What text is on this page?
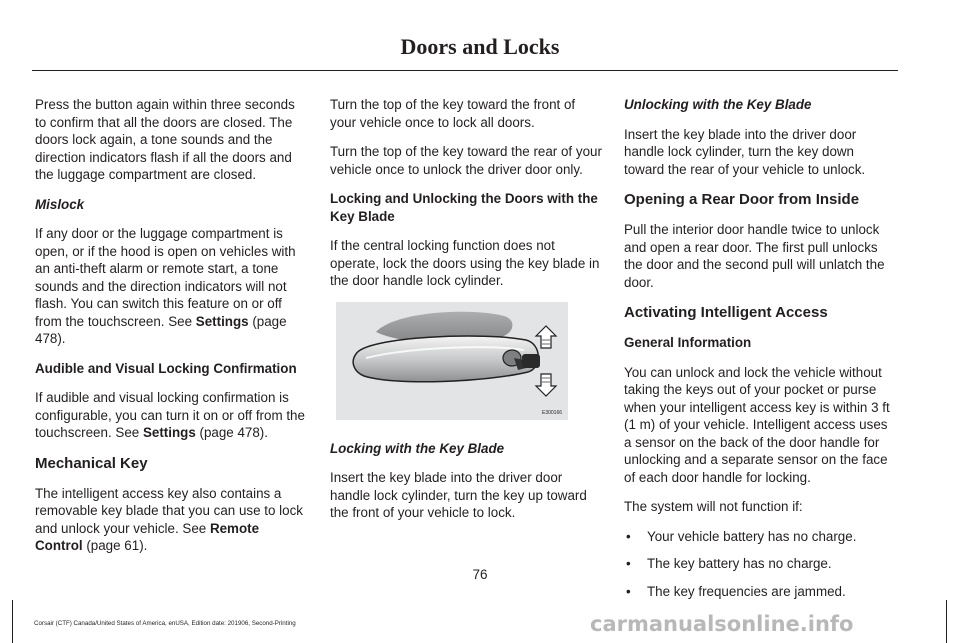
Doors and Locks

Press the button again within three seconds to confirm that all the doors are closed. The doors lock again, a tone sounds and the direction indicators flash if all the doors and the luggage compartment are closed.

Mislock

If any door or the luggage compartment is open, or if the hood is open on vehicles with an anti-theft alarm or remote start, a tone sounds and the direction indicators will not flash. You can switch this feature on or off from the touchscreen. See Settings (page 478).

Audible and Visual Locking Confirmation

If audible and visual locking confirmation is configurable, you can turn it on or off from the touchscreen. See Settings (page 478).

Mechanical Key

The intelligent access key also contains a removable key blade that you can use to lock and unlock your vehicle. See Remote Control (page 61).

Turn the top of the key toward the front of your vehicle once to lock all doors.

Turn the top of the key toward the rear of your vehicle once to unlock the driver door only.

Locking and Unlocking the Doors with the Key Blade

If the central locking function does not operate, lock the doors using the key blade in the door handle lock cylinder.

E300166

Locking with the Key Blade

Insert the key blade into the driver door handle lock cylinder, turn the key up toward the front of your vehicle to lock.

Unlocking with the Key Blade

Insert the key blade into the driver door handle lock cylinder, turn the key down toward the rear of your vehicle to unlock.

Opening a Rear Door from Inside

Pull the interior door handle twice to unlock and open a rear door. The first pull unlocks the door and the second pull will unlatch the door.

Activating Intelligent Access

General Information

You can unlock and lock the vehicle without taking the keys out of your pocket or purse when your intelligent access key is within 3 ft (1 m) of your vehicle. Intelligent access uses a sensor on the back of the door handle for unlocking and a separate sensor on the face of each door handle for locking.

The system will not function if:

• Your vehicle battery has no charge.
• The key battery has no charge.
• The key frequencies are jammed.
76
Corsair (CTF) Canada/United States of America, enUSA, Edition date: 201906, Second-Printing	carmanualsonline.info
